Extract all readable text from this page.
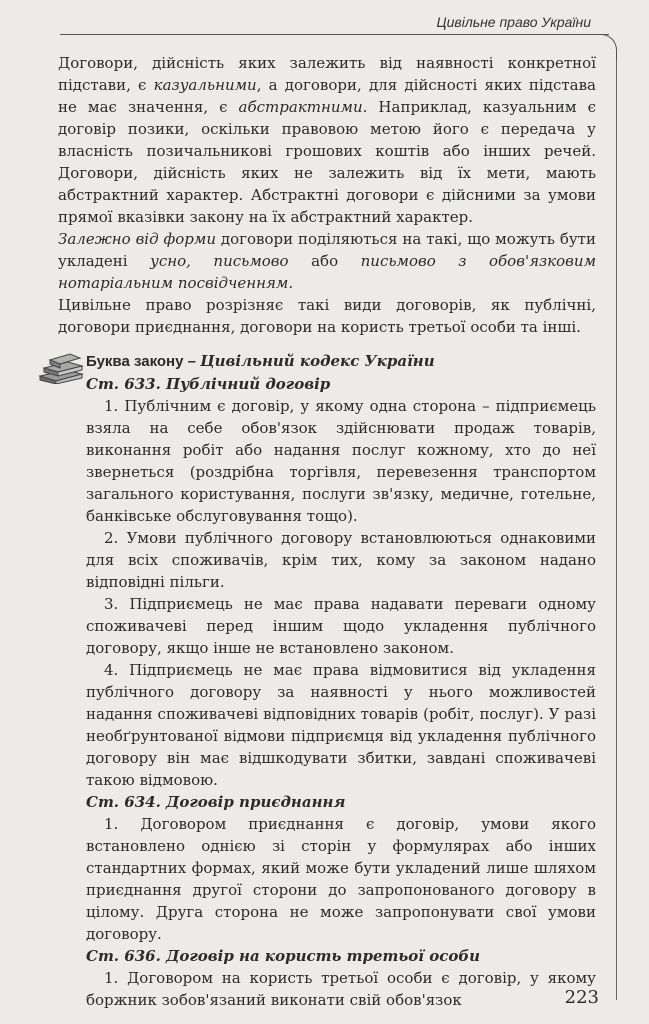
Цивільне право України

Договори, дійсність яких залежить від наявності конкретної підстави, є казуальними, а договори, для дійсності яких підстава не має значення, є абстрактними. Наприклад, казуальним є договір позики, оскільки правовою метою його є передача у власність позичальникові грошових коштів або інших речей. Договори, дійсність яких не залежить від їх мети, мають абстрактний характер. Абстрактні договори є дійсними за умови прямої вказівки закону на їх абстрактний характер.

Залежно від форми договори поділяються на такі, що можуть бути укладені усно, письмово або письмово з обов'язковим нотаріальним посвідченням.

Цивільне право розрізняє такі види договорів, як публічні, договори приєднання, договори на користь третьої особи та інші.

Буква закону – Цивільний кодекс України

Ст. 633. Публічний договір

1. Публічним є договір, у якому одна сторона – підприємець взяла на себе обов'язок здійснювати продаж товарів, виконання робіт або надання послуг кожному, хто до неї звернеться (роздрібна торгівля, перевезення транспортом загального користування, послуги зв'язку, медичне, готельне, банківське обслуговування тощо).

2. Умови публічного договору встановлюються однаковими для всіх споживачів, крім тих, кому за законом надано відповідні пільги.

3. Підприємець не має права надавати переваги одному споживачеві перед іншим щодо укладення публічного договору, якщо інше не встановлено законом.

4. Підприємець не має права відмовитися від укладення публічного договору за наявності у нього можливостей надання споживачеві відповідних товарів (робіт, послуг). У разі необґрунтованої відмови підприємця від укладення публічного договору він має відшкодувати збитки, завдані споживачеві такою відмовою.

Ст. 634. Договір приєднання

1. Договором приєднання є договір, умови якого встановлено однією зі сторін у формулярах або інших стандартних формах, який може бути укладений лише шляхом приєднання другої сторони до запропонованого договору в цілому. Друга сторона не може запропонувати свої умови договору.

Ст. 636. Договір на користь третьої особи

1. Договором на користь третьої особи є договір, у якому боржник зобов'язаний виконати свій обов'язок	223
